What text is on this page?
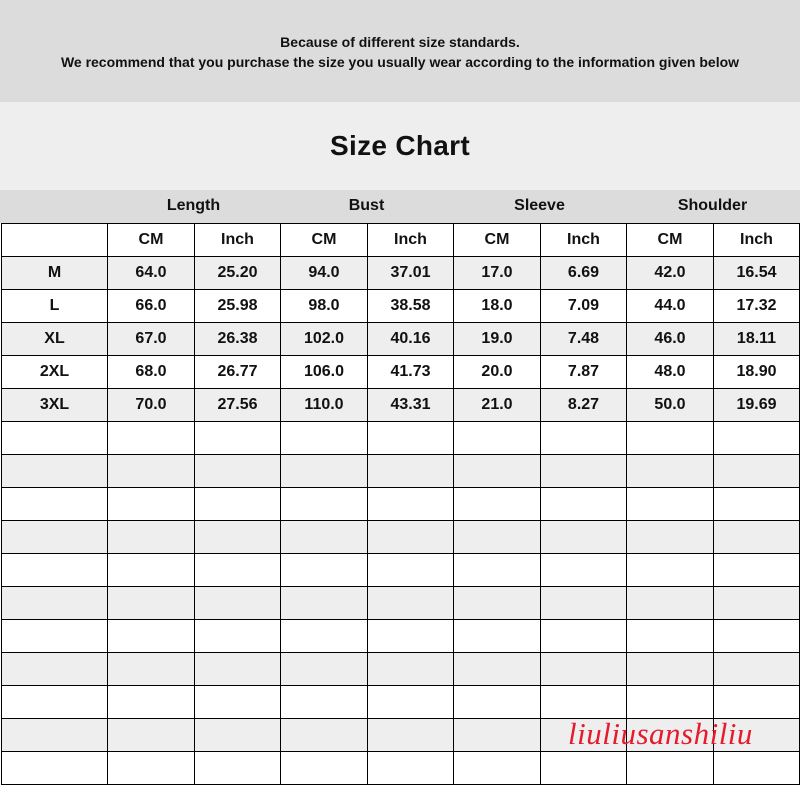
Because of different size standards.
We recommend that you purchase the size you usually wear according to the information given below
Size Chart
Length	Bust	Sleeve	Shoulder
	CM	Inch	CM	Inch	CM	Inch	CM	Inch
M	64.0	25.20	94.0	37.01	17.0	6.69	42.0	16.54
L	66.0	25.98	98.0	38.58	18.0	7.09	44.0	17.32
XL	67.0	26.38	102.0	40.16	19.0	7.48	46.0	18.11
2XL	68.0	26.77	106.0	41.73	20.0	7.87	48.0	18.90
3XL	70.0	27.56	110.0	43.31	21.0	8.27	50.0	19.69

liuliusanshiliu
